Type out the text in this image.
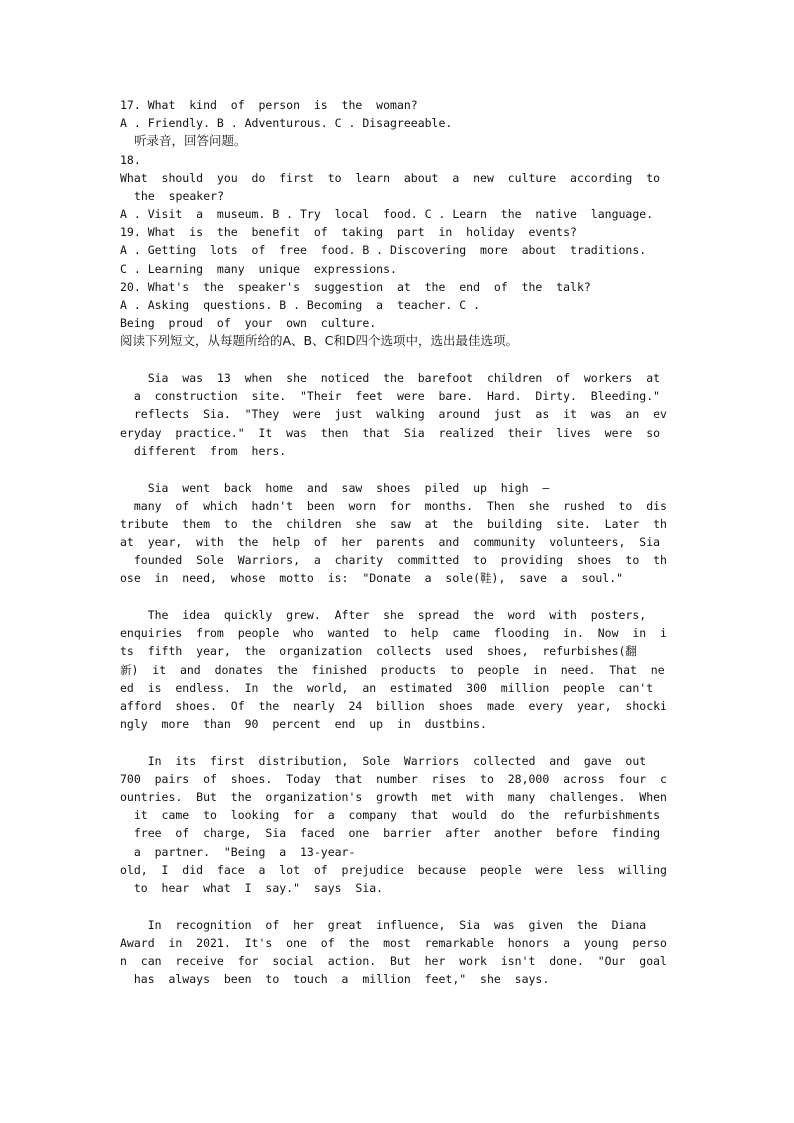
17. What  kind  of  person  is  the  woman?
A . Friendly. B . Adventurous. C . Disagreeable.
听录音，回答问题。
18.
What  should  you  do  first  to  learn  about  a  new  culture  according  to
the  speaker?
A . Visit  a  museum. B . Try  local  food. C . Learn  the  native  language.
19. What  is  the  benefit  of  taking  part  in  holiday  events?
A . Getting  lots  of  free  food. B . Discovering  more  about  traditions.
C . Learning  many  unique  expressions.
20. What's  the  speaker's  suggestion  at  the  end  of  the  talk?
A . Asking  questions. B . Becoming  a  teacher. C .
Being  proud  of  your  own  culture.
阅读下列短文，从每题所给的A、B、C和D四个选项中，选出最佳选项。
Sia  was  13  when  she  noticed  the  barefoot  children  of  workers  at
a  construction  site.  "Their  feet  were  bare.  Hard.  Dirty.  Bleeding."
reflects  Sia.  "They  were  just  walking  around  just  as  it  was  an  ev
eryday  practice."  It  was  then  that  Sia  realized  their  lives  were  so
different  from  hers.
Sia  went  back  home  and  saw  shoes  piled  up  high  —
many  of  which  hadn't  been  worn  for  months.  Then  she  rushed  to  dis
tribute  them  to  the  children  she  saw  at  the  building  site.  Later  th
at  year,  with  the  help  of  her  parents  and  community  volunteers,  Sia
founded  Sole  Warriors,  a  charity  committed  to  providing  shoes  to  th
ose  in  need,  whose  motto  is:  "Donate  a  sole(鞋),  save  a  soul."
The  idea  quickly  grew.  After  she  spread  the  word  with  posters,
enquiries  from  people  who  wanted  to  help  came  flooding  in.  Now  in  i
ts  fifth  year,  the  organization  collects  used  shoes,  refurbishes(翻
新)  it  and  donates  the  finished  products  to  people  in  need.  That  ne
ed  is  endless.  In  the  world,  an  estimated  300  million  people  can't
afford  shoes.  Of  the  nearly  24  billion  shoes  made  every  year,  shocki
ngly  more  than  90  percent  end  up  in  dustbins.
In  its  first  distribution,  Sole  Warriors  collected  and  gave  out
700  pairs  of  shoes.  Today  that  number  rises  to  28,000  across  four  c
ountries.  But  the  organization's  growth  met  with  many  challenges.  When
it  came  to  looking  for  a  company  that  would  do  the  refurbishments
free  of  charge,  Sia  faced  one  barrier  after  another  before  finding
a  partner.  "Being  a  13-year-
old,  I  did  face  a  lot  of  prejudice  because  people  were  less  willing
to  hear  what  I  say."  says  Sia.
In  recognition  of  her  great  influence,  Sia  was  given  the  Diana
Award  in  2021.  It's  one  of  the  most  remarkable  honors  a  young  perso
n  can  receive  for  social  action.  But  her  work  isn't  done.  "Our  goal
has  always  been  to  touch  a  million  feet,"  she  says.
